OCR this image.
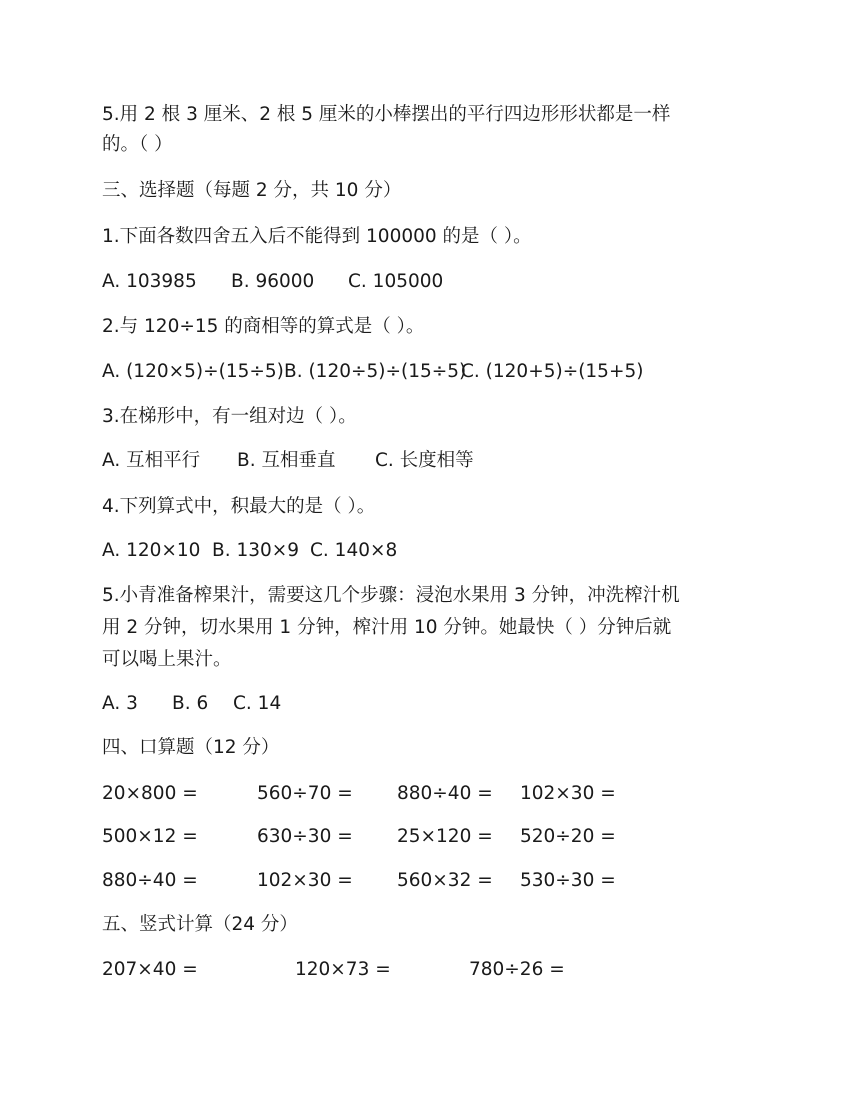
5.用 2 根 3 厘米、2 根 5 厘米的小棒摆出的平行四边形形状都是一样
的。（ ）
三、选择题（每题 2 分，共 10 分）
1.下面各数四舍五入后不能得到 100000 的是（ ）。
A. 103985 B. 96000 C. 105000
2.与 120÷15 的商相等的算式是（ ）。
A. (120×5)÷(15÷5) B. (120÷5)÷(15÷5)
C. (120+5)÷(15+5)
3.在梯形中，有一组对边（ ）。
A. 互相平行 B. 互相垂直 C. 长度相等
4.下列算式中，积最大的是（ ）。
A. 120×10 B. 130×9 C. 140×8
5.小青准备榨果汁，需要这几个步骤：浸泡水果用 3 分钟，冲洗榨汁机
用 2 分钟，切水果用 1 分钟，榨汁用 10 分钟。她最快（ ）分钟后就
可以喝上果汁。
A. 3 B. 6 C. 14
四、口算题（12 分）
20×800 =	560÷70 = 880÷40 = 102×30 =
500×12 =	630÷30 = 25×120 = 520÷20 =
880÷40 =	102×30 = 560×32 = 530÷30 =
五、竖式计算（24 分）
207×40 =	120×73 =	780÷26 =
